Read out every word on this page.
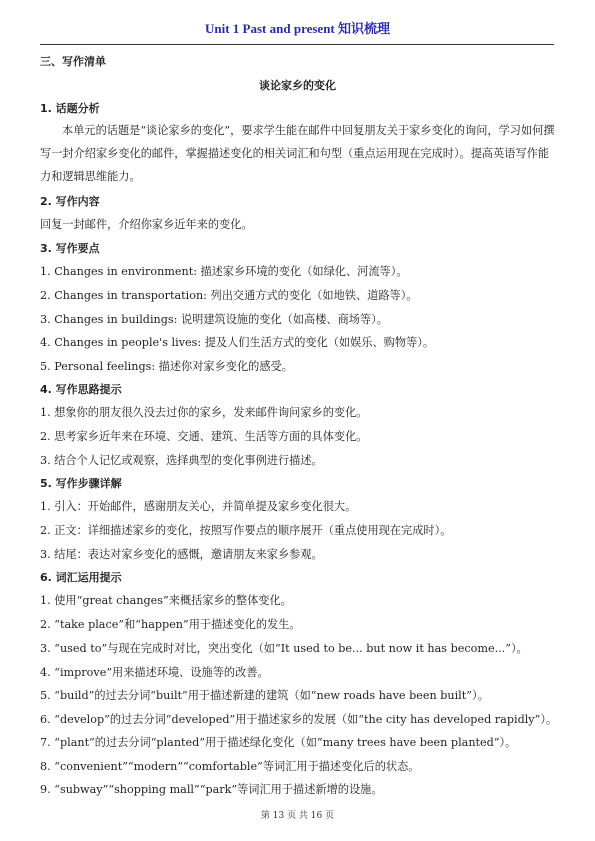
Unit 1 Past and present 知识梳理
三、写作清单
谈论家乡的变化
1. 话题分析
本单元的话题是“谈论家乡的变化”，要求学生能在邮件中回复朋友关于家乡变化的询问，学习如何撰写一封介绍家乡变化的邮件，掌握描述变化的相关词汇和句型（重点运用现在完成时）。提高英语写作能力和逻辑思维能力。
2. 写作内容
回复一封邮件，介绍你家乡近年来的变化。
3. 写作要点
1. Changes in environment: 描述家乡环境的变化（如绿化、河流等）。
2. Changes in transportation: 列出交通方式的变化（如地铁、道路等）。
3. Changes in buildings: 说明建筑设施的变化（如高楼、商场等）。
4. Changes in people's lives: 提及人们生活方式的变化（如娱乐、购物等）。
5. Personal feelings: 描述你对家乡变化的感受。
4. 写作思路提示
1. 想象你的朋友很久没去过你的家乡，发来邮件询问家乡的变化。
2. 思考家乡近年来在环境、交通、建筑、生活等方面的具体变化。
3. 结合个人记忆或观察，选择典型的变化事例进行描述。
5. 写作步骤详解
1. 引入：开始邮件，感谢朋友关心，并简单提及家乡变化很大。
2. 正文：详细描述家乡的变化，按照写作要点的顺序展开（重点使用现在完成时）。
3. 结尾：表达对家乡变化的感慨，邀请朋友来家乡参观。
6. 词汇运用提示
1. 使用“great changes”来概括家乡的整体变化。
2. “take place”和“happen”用于描述变化的发生。
3. “used to”与现在完成时对比，突出变化（如“It used to be... but now it has become...”）。
4. “improve”用来描述环境、设施等的改善。
5. “build”的过去分词“built”用于描述新建的建筑（如“new roads have been built”）。
6. “develop”的过去分词“developed”用于描述家乡的发展（如“the city has developed rapidly”）。
7. “plant”的过去分词“planted”用于描述绿化变化（如“many trees have been planted”）。
8. “convenient”“modern”“comfortable”等词汇用于描述变化后的状态。
9. “subway”“shopping mall”“park”等词汇用于描述新增的设施。
第 13 页 共 16 页
